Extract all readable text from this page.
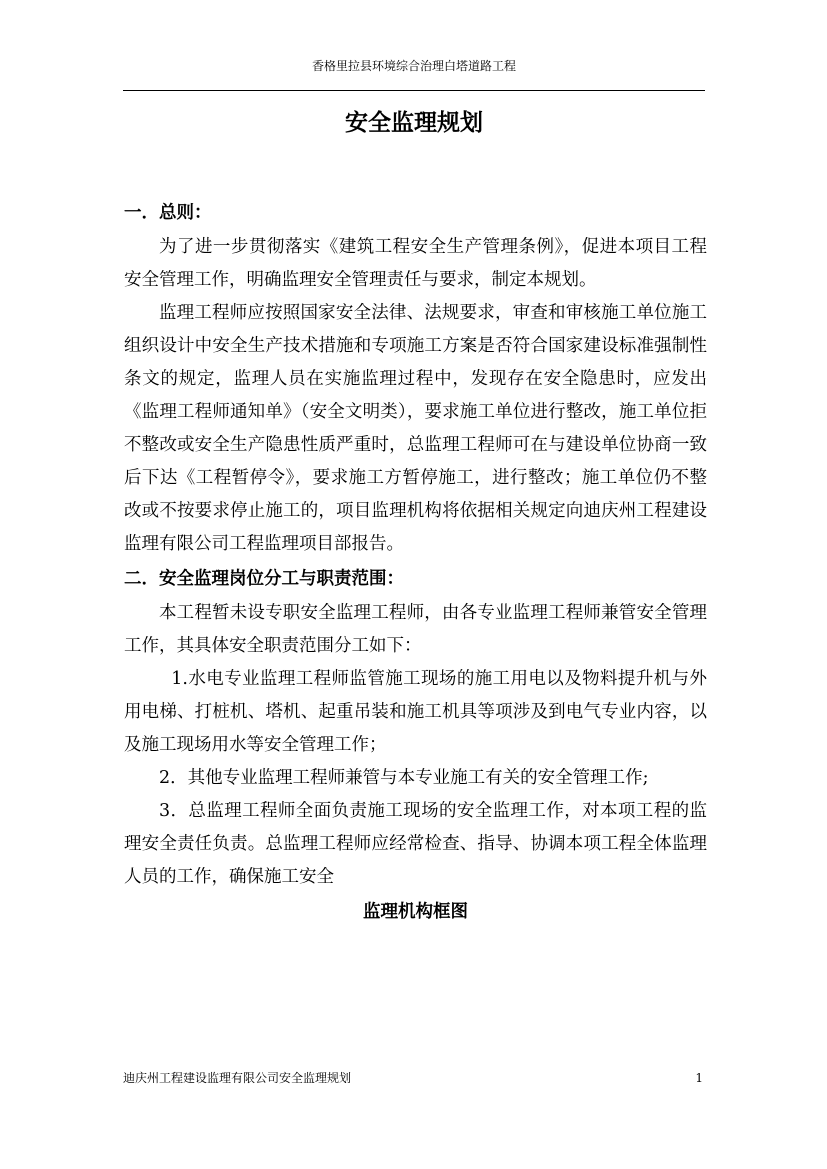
香格里拉县环境综合治理白塔道路工程
安全监理规划

一．总则：

为了进一步贯彻落实《建筑工程安全生产管理条例》，促进本项目工程安全管理工作，明确监理安全管理责任与要求，制定本规划。

监理工程师应按照国家安全法律、法规要求，审查和审核施工单位施工组织设计中安全生产技术措施和专项施工方案是否符合国家建设标准强制性条文的规定，监理人员在实施监理过程中，发现存在安全隐患时，应发出《监理工程师通知单》（安全文明类），要求施工单位进行整改，施工单位拒不整改或安全生产隐患性质严重时，总监理工程师可在与建设单位协商一致后下达《工程暂停令》，要求施工方暂停施工，进行整改；施工单位仍不整改或不按要求停止施工的，项目监理机构将依据相关规定向迪庆州工程建设监理有限公司工程监理项目部报告。

二．安全监理岗位分工与职责范围：

本工程暂未设专职安全监理工程师，由各专业监理工程师兼管安全管理工作，其具体安全职责范围分工如下：

1.水电专业监理工程师监管施工现场的施工用电以及物料提升机与外用电梯、打桩机、塔机、起重吊装和施工机具等项涉及到电气专业内容，以及施工现场用水等安全管理工作；

2．其他专业监理工程师兼管与本专业施工有关的安全管理工作;

3．总监理工程师全面负责施工现场的安全监理工作，对本项工程的监理安全责任负责。总监理工程师应经常检查、指导、协调本项工程全体监理人员的工作，确保施工安全

监理机构框图

迪庆州工程建设监理有限公司安全监理规划	1
